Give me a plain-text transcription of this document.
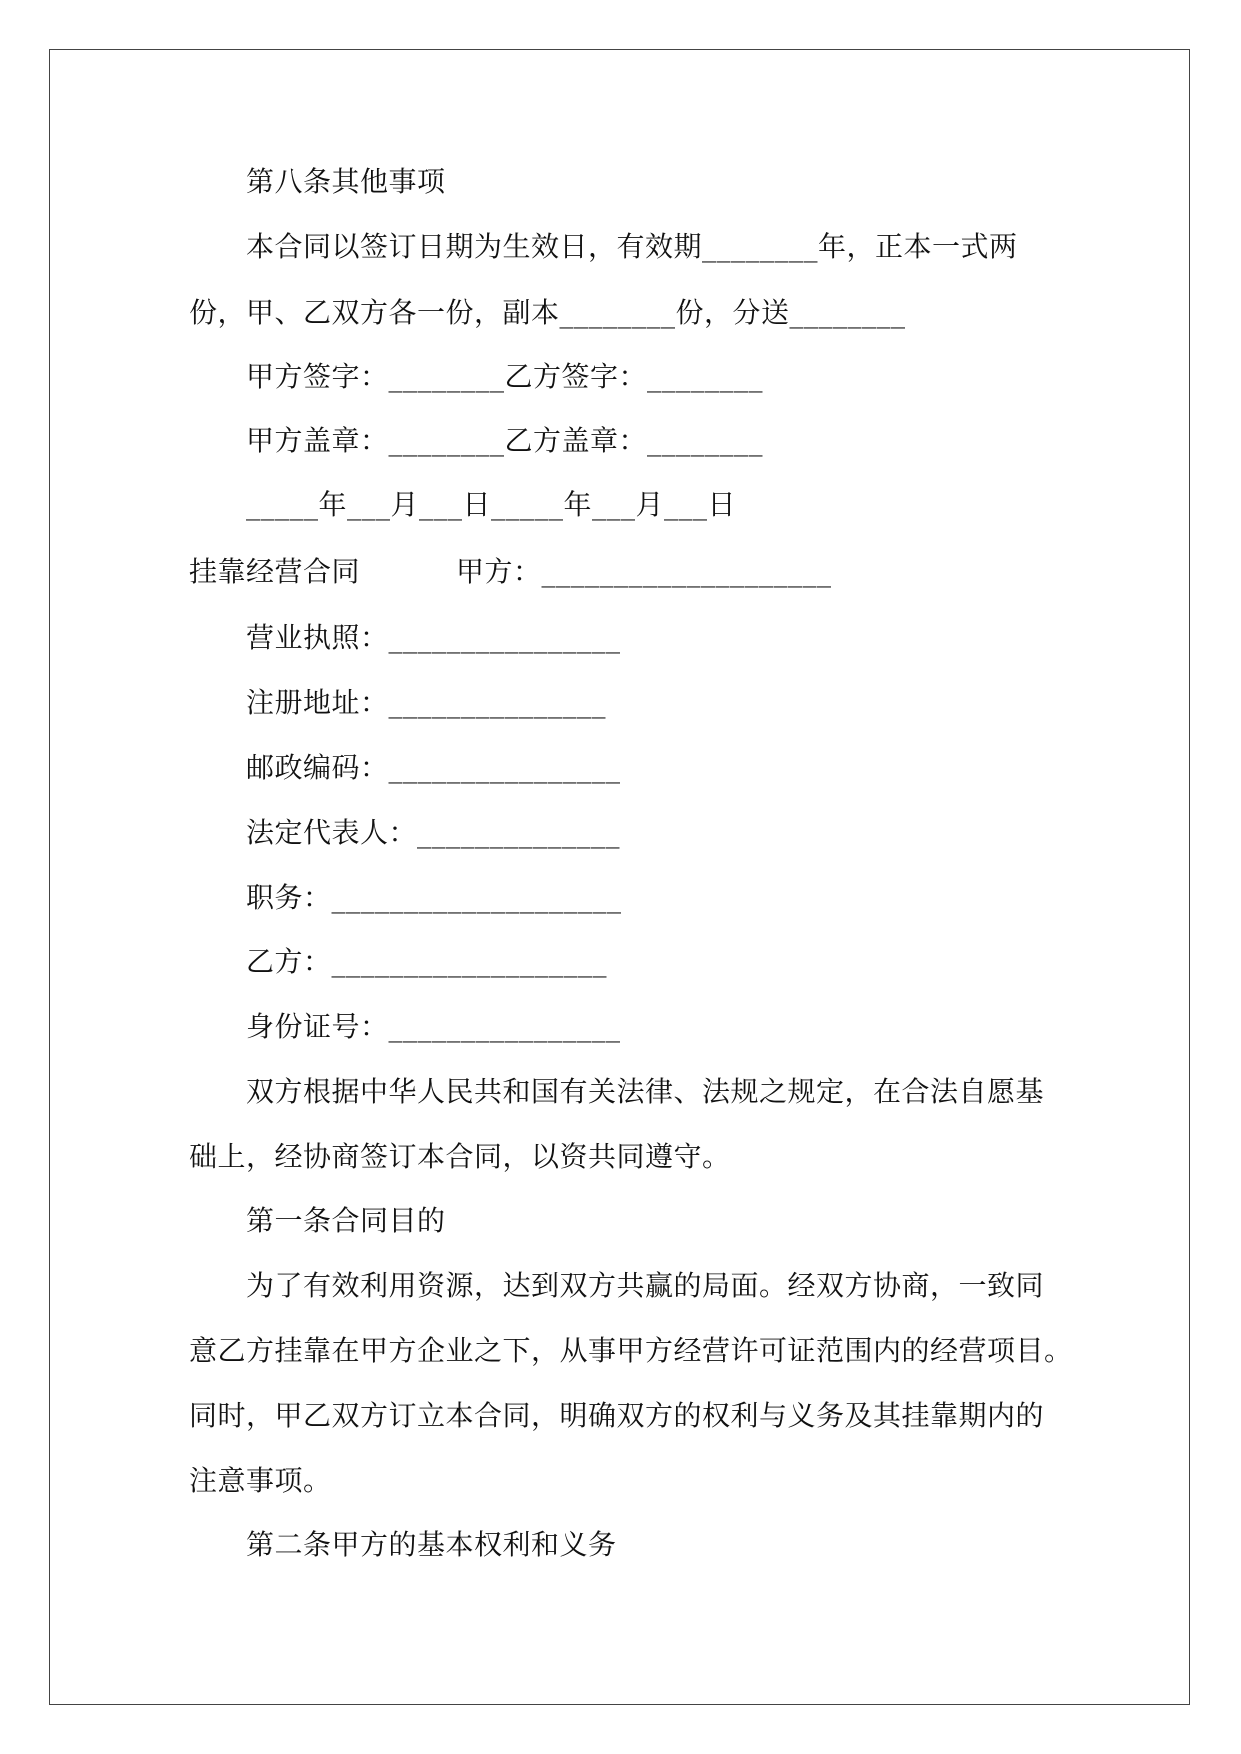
第八条其他事项
本合同以签订日期为生效日，有效期________年，正本一式两
份，甲、乙双方各一份，副本________份，分送________
甲方签字：________乙方签字：________
甲方盖章：________乙方盖章：________
_____年___月___日_____年___月___日
挂靠经营合同	甲方：____________________
营业执照：________________
注册地址：_______________
邮政编码：________________
法定代表人：______________
职务：____________________
乙方：___________________
身份证号：________________
双方根据中华人民共和国有关法律、法规之规定，在合法自愿基
础上，经协商签订本合同，以资共同遵守。
第一条合同目的
为了有效利用资源，达到双方共赢的局面。经双方协商，一致同
意乙方挂靠在甲方企业之下，从事甲方经营许可证范围内的经营项目。
同时，甲乙双方订立本合同，明确双方的权利与义务及其挂靠期内的
注意事项。
第二条甲方的基本权利和义务
